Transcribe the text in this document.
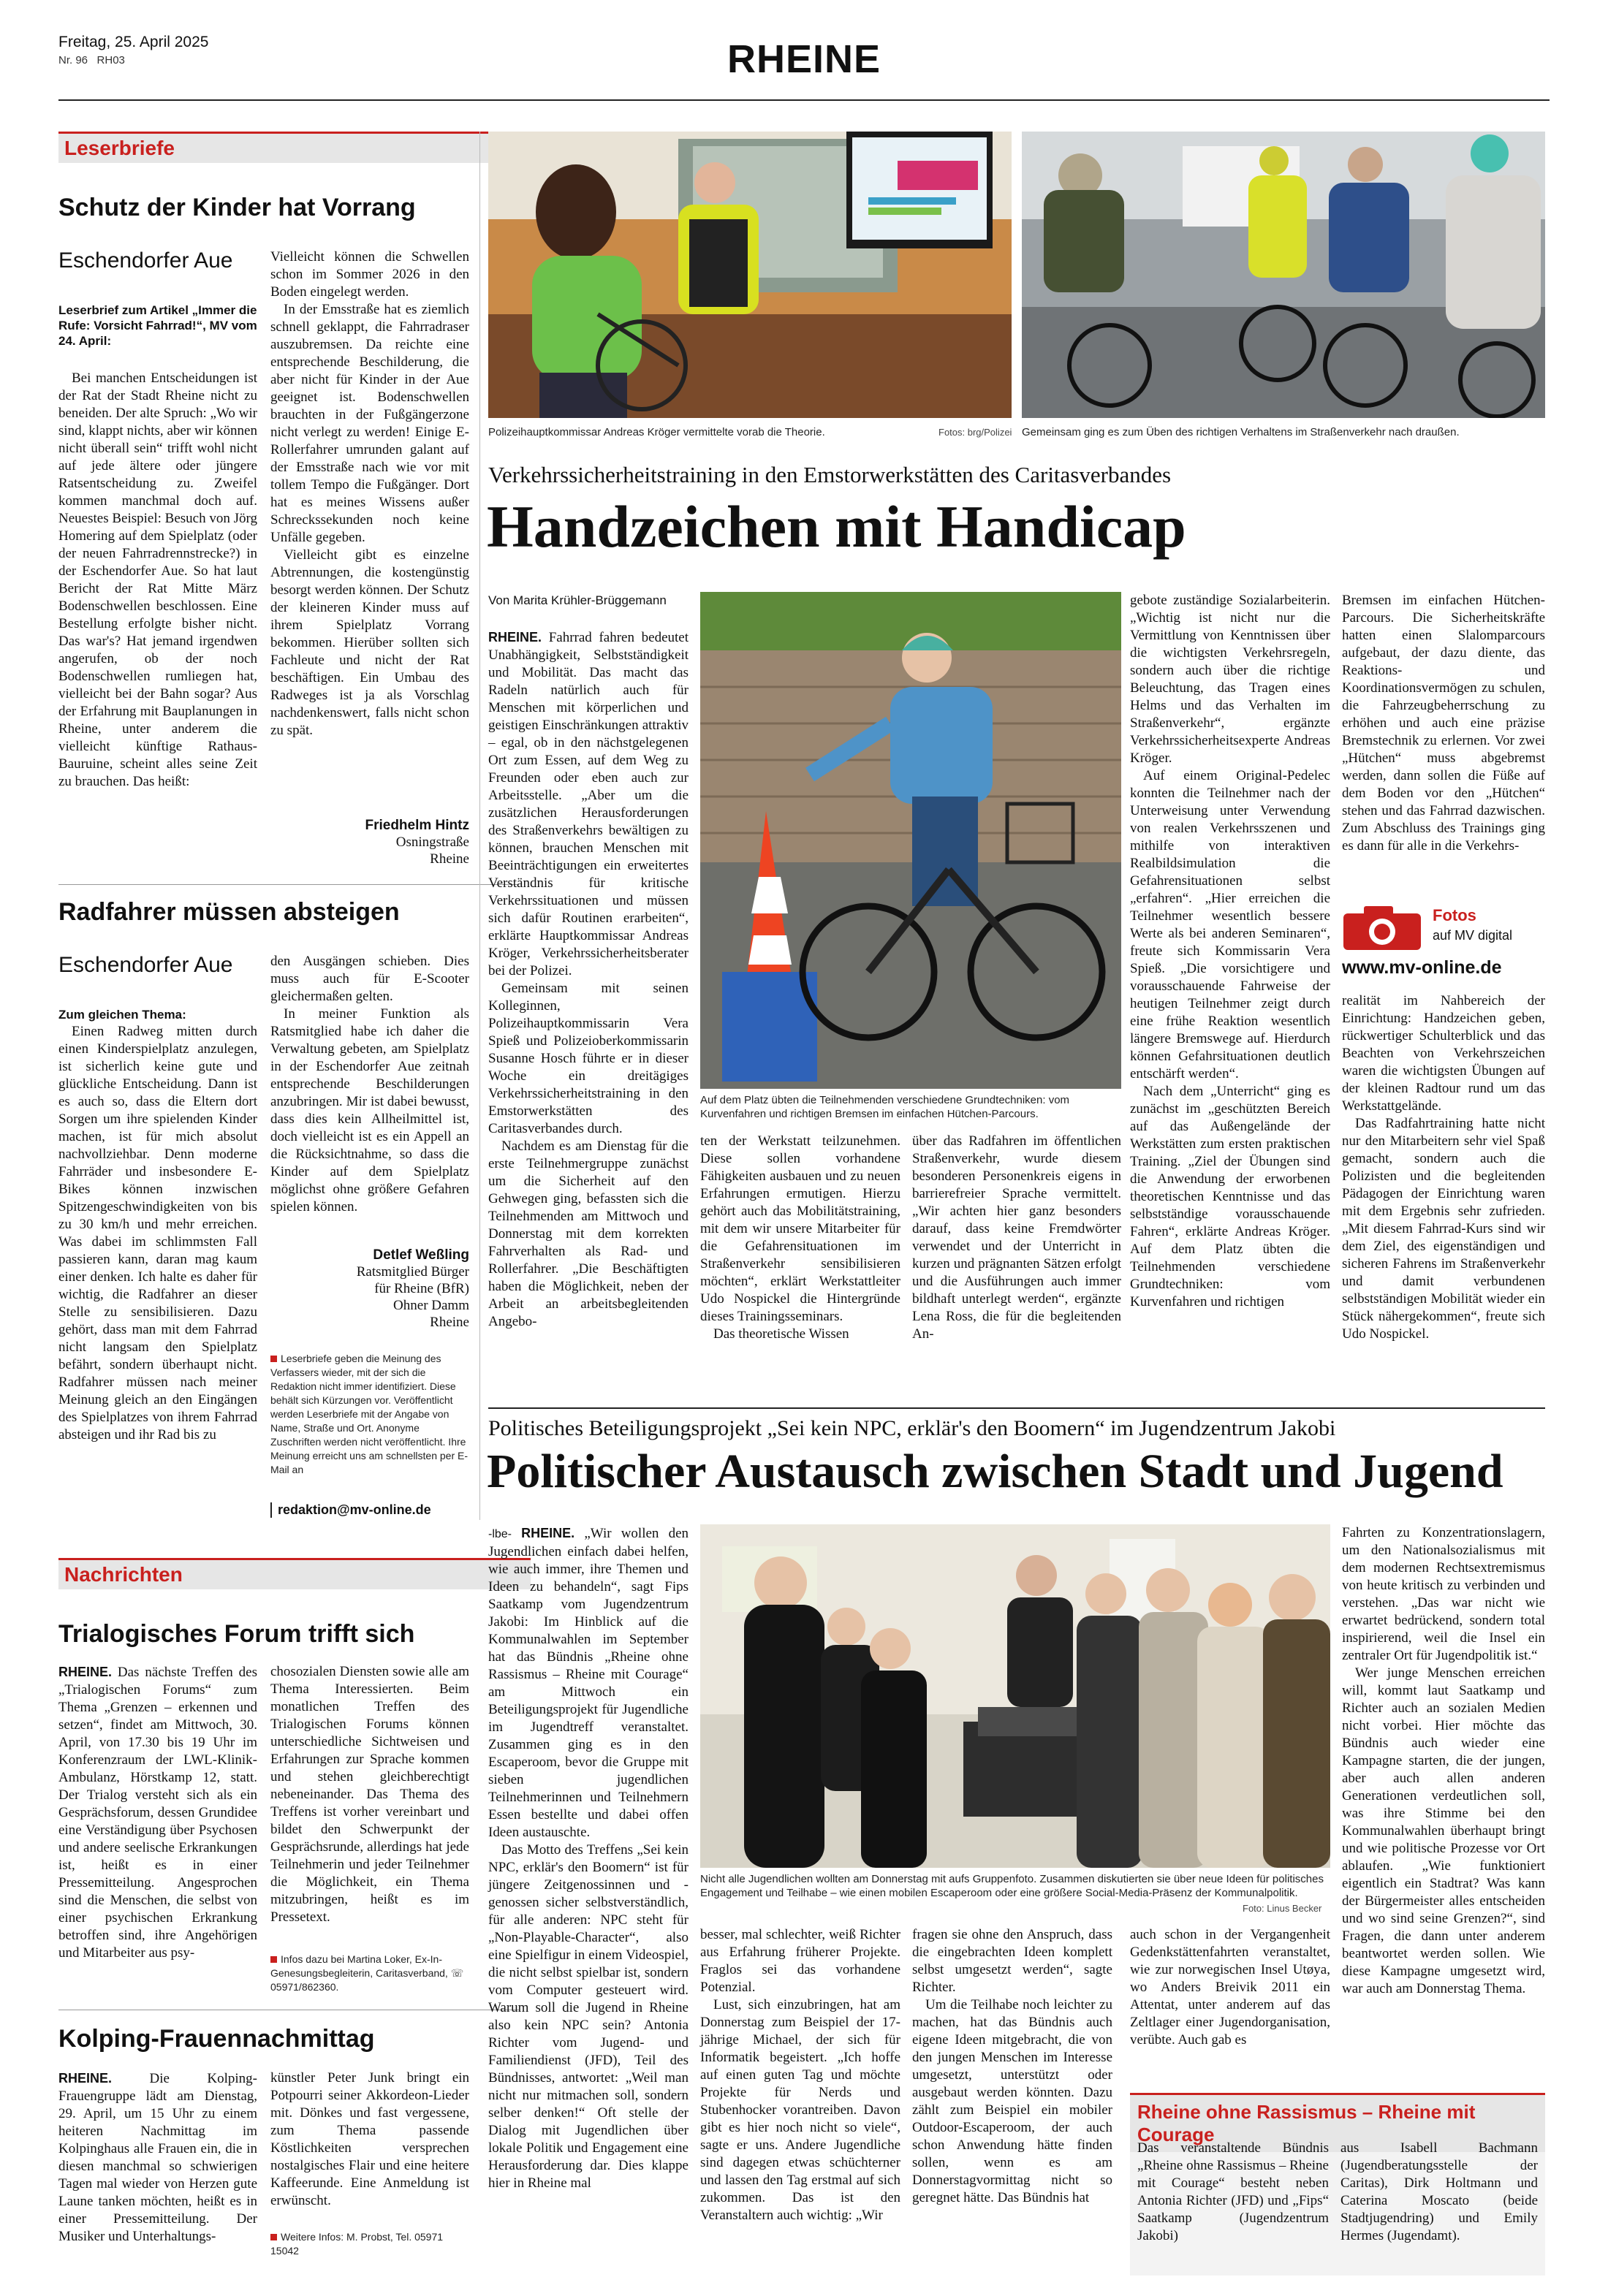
Freitag, 25. April 2025
Nr. 96 RH03	RHEINE
Leserbriefe
Schutz der Kinder hat Vorrang
Eschendorfer Aue
Leserbrief zum Artikel „Immer die Rufe: Vorsicht Fahrrad!“, MV vom 24. April:

Bei manchen Entscheidungen ist der Rat der Stadt Rheine nicht zu beneiden. Der alte Spruch: „Wo wir sind, klappt nichts, aber wir können nicht überall sein“ trifft wohl nicht auf jede ältere oder jüngere Ratsentscheidung zu. Zweifel kommen manchmal doch auf. Neuestes Beispiel: Besuch von Jörg Homering auf dem Spielplatz (oder der neuen Fahrradrennstrecke?) in der Eschendorfer Aue. So hat laut Bericht der Rat Mitte März Bodenschwellen beschlossen. Eine Bestellung erfolgte bisher nicht. Das war's? Hat jemand irgendwen angerufen, ob der noch Bodenschwellen rumliegen hat, vielleicht bei der Bahn sogar? Aus der Erfahrung mit Bauplanungen in Rheine, unter anderem die vielleicht künftige Rathaus-Bauruine, scheint alles seine Zeit zu brauchen. Das heißt:

Vielleicht können die Schwellen schon im Sommer 2026 in den Boden eingelegt werden.

In der Emsstraße hat es ziemlich schnell geklappt, die Fahrradraser auszubremsen. Da reichte eine entsprechende Beschilderung, die aber nicht für Kinder in der Aue geeignet ist. Bodenschwellen brauchten in der Fußgängerzone nicht verlegt zu werden! Einige E-Rollerfahrer umrunden galant auf der Emsstraße nach wie vor mit tollem Tempo die Fußgänger. Dort hat es meines Wissens außer Schreckssekunden noch keine Unfälle gegeben.

Vielleicht gibt es einzelne Abtrennungen, die kostengünstig besorgt werden können. Der Schutz der kleineren Kinder muss auf ihrem Spielplatz Vorrang bekommen. Hierüber sollten sich Fachleute und nicht der Rat beschäftigen. Ein Umbau des Radweges ist ja als Vorschlag nachdenkenswert, falls nicht schon zu spät.

Friedhelm Hintz
Osningstraße
Rheine
Radfahrer müssen absteigen
Eschendorfer Aue
Zum gleichen Thema:

Einen Radweg mitten durch einen Kinderspielplatz anzulegen, ist sicherlich keine gute und glückliche Entscheidung. Dann ist es auch so, dass die Eltern dort Sorgen um ihre spielenden Kinder machen, ist für mich absolut nachvollziehbar. Denn moderne Fahrräder und insbesondere E-Bikes können inzwischen Spitzengeschwindigkeiten von bis zu 30 km/h und mehr erreichen. Was dabei im schlimmsten Fall passieren kann, daran mag kaum einer denken. Ich halte es daher für wichtig, die Radfahrer an dieser Stelle zu sensibilisieren. Dazu gehört, dass man mit dem Fahrrad nicht langsam den Spielplatz befährt, sondern überhaupt nicht. Radfahrer müssen nach meiner Meinung gleich an den Eingängen des Spielplatzes von ihrem Fahrrad absteigen und ihr Rad bis zu

den Ausgängen schieben. Dies muss auch für E-Scooter gleichermaßen gelten.

In meiner Funktion als Ratsmitglied habe ich daher die Verwaltung gebeten, am Spielplatz in der Eschendorfer Aue zeitnah entsprechende Beschilderungen anzubringen. Mir ist dabei bewusst, dass dies kein Allheilmittel ist, doch vielleicht ist es ein Appell an die Rücksichtnahme, so dass die Kinder auf dem Spielplatz möglichst ohne größere Gefahren spielen können.

Detlef Weßling
Ratsmitglied Bürger
für Rheine (BfR)
Ohner Damm
Rheine
Leserbriefe geben die Meinung des Verfassers wieder, mit der sich die Redaktion nicht immer identifiziert. Diese behält sich Kürzungen vor. Veröffentlicht werden Leserbriefe mit der Angabe von Name, Straße und Ort. Anonyme Zuschriften werden nicht veröffentlicht. Ihre Meinung erreicht uns am schnellsten per E-Mail an
redaktion@mv-online.de
Nachrichten
Trialogisches Forum trifft sich

RHEINE. Das nächste Treffen des „Trialogischen Forums“ zum Thema „Grenzen – erkennen und setzen“, findet am Mittwoch, 30. April, von 17.30 bis 19 Uhr im Konferenzraum der LWL-Klinik-Ambulanz, Hörstkamp 12, statt. Der Trialog versteht sich als ein Gesprächsforum, dessen Grundidee eine Verständigung über Psychosen und andere seelische Erkrankungen ist, heißt es in einer Pressemitteilung. Angesprochen sind die Menschen, die selbst von einer psychischen Erkrankung betroffen sind, ihre Angehörigen und Mitarbeiter aus psy-

chosozialen Diensten sowie alle am Thema Interessierten. Beim monatlichen Treffen des Trialogischen Forums können unterschiedliche Sichtweisen und Erfahrungen zur Sprache kommen und stehen gleichberechtigt nebeneinander. Das Thema des Treffens ist vorher vereinbart und bildet den Schwerpunkt der Gesprächsrunde, allerdings hat jede Teilnehmerin und jeder Teilnehmer die Möglichkeit, ein Thema mitzubringen, heißt es im Pressetext.

Infos dazu bei Martina Loker, Ex-In-Genesungsbegleiterin, Caritasverband, ☏ 05971/862360.
Kolping-Frauennachmittag

RHEINE.	Die Kolping-Frauengruppe lädt am Dienstag, 29. April, um 15 Uhr zu einem heiteren Nachmittag im Kolpinghaus alle Frauen ein, die in diesen manchmal so schwierigen Tagen mal wieder von Herzen gute Laune tanken möchten, heißt es in einer Pressemitteilung. Der Musiker und Unterhaltungs-

künstler Peter Junk bringt ein Potpourri seiner Akkordeon-Lieder mit. Dönkes und fast vergessene, zum Thema passende Köstlichkeiten versprechen nostalgisches Flair und eine heitere Kaffeerunde. Eine Anmeldung ist erwünscht.

Weitere Infos: M. Probst, Tel. 05971 15042
Polizeihauptkommissar Andreas Kröger vermittelte vorab die Theorie.	Fotos: brg/Polizei Gemeinsam ging es zum Üben des richtigen Verhaltens im Straßenverkehr nach draußen.
Verkehrssicherheitstraining in den Emstorwerkstätten des Caritasverbandes
Handzeichen mit Handicap
Von Marita Krühler-Brüggemann

RHEINE. Fahrrad fahren bedeutet Unabhängigkeit, Selbstständigkeit und Mobilität. Das macht das Radeln natürlich auch für Menschen mit körperlichen und geistigen Einschränkungen attraktiv – egal, ob in den nächstgelegenen Ort zum Essen, auf dem Weg zu Freunden oder eben auch zur Arbeitsstelle. „Aber um die zusätzlichen Herausforderungen des Straßenverkehrs bewältigen zu können, brauchen Menschen mit Beeinträchtigungen ein erweitertes Verständnis für kritische Verkehrssituationen und müssen sich dafür Routinen erarbeiten“, erklärte Hauptkommissar Andreas Kröger, Verkehrssicherheitsberater bei der Polizei.

Gemeinsam mit seinen Kolleginnen, Polizeihauptkommissarin Vera Spieß und Polizeioberkommissarin Susanne Hosch führte er in dieser Woche ein dreitägiges Verkehrssicherheitstraining in den Emstorwerkstätten des Caritasverbandes durch.

Nachdem es am Dienstag für die erste Teilnehmergruppe zunächst um die Sicherheit auf den Gehwegen ging, befassten sich die Teilnehmenden am Mittwoch und Donnerstag mit dem korrekten Fahrverhalten als Rad- und Rollerfahrer. „Die Beschäftigten haben die Möglichkeit, neben der Arbeit an arbeitsbegleitenden Angebo-

Auf dem Platz übten die Teilnehmenden verschiedene Grundtechniken: vom Kurvenfahren und richtigen Bremsen im einfachen Hütchen-Parcours.

ten der Werkstatt teilzunehmen. Diese sollen vorhandene Fähigkeiten ausbauen und zu neuen Erfahrungen ermutigen. Hierzu gehört auch das Mobilitätstraining, mit dem wir unsere Mitarbeiter für die Gefahrensituationen im Straßenverkehr sensibilisieren möchten“, erklärt Werkstattleiter Udo Nospickel die Hintergründe dieses Trainingsseminars.

Das theoretische Wissen

über das Radfahren im öffentlichen Straßenverkehr, wurde diesem besonderen Personenkreis eigens in barrierefreier Sprache vermittelt. „Wir achten hier ganz besonders darauf, dass keine Fremdwörter verwendet und der Unterricht in kurzen und prägnanten Sätzen erfolgt und die Ausführungen auch immer bildhaft unterlegt werden“, ergänzte Lena Ross, die für die begleitenden An-

gebote zuständige Sozialarbeiterin. „Wichtig ist nicht nur die Vermittlung von Kenntnissen über die wichtigsten Verkehrsregeln, sondern auch über die richtige Beleuchtung, das Tragen eines Helms und das Verhalten im Straßenverkehr“, ergänzte Verkehrssicherheitsexperte Andreas Kröger.

Auf einem Original-Pedelec konnten die Teilnehmer nach der Unterweisung unter Verwendung von realen Verkehrsszenen und mithilfe von interaktiven Realbildsimulation die Gefahrensituationen selbst „erfahren“. „Hier erreichen die Teilnehmer wesentlich bessere Werte als bei anderen Seminaren“, freute sich Kommissarin Vera Spieß. „Die vorsichtigere und vorausschauende Fahrweise der heutigen Teilnehmer zeigt durch eine frühe Reaktion wesentlich längere Bremswege auf. Hierdurch können Gefahrsituationen deutlich entschärft werden“.

Nach dem „Unterricht“ ging es zunächst im „geschützten Bereich auf das Außengelände der Werkstätten zum ersten praktischen Training. „Ziel der Übungen sind die Anwendung der erworbenen theoretischen Kenntnisse und das selbstständige vorausschauende Fahren“, erklärte Andreas Kröger. Auf dem Platz übten die Teilnehmenden verschiedene Grundtechniken: vom Kurvenfahren und richtigen

Bremsen im einfachen Hütchen-Parcours. Die Sicherheitskräfte hatten einen Slalomparcours aufgebaut, der dazu diente, das Reaktions- und Koordinationsvermögen zu schulen, die Fahrzeugbeherrschung zu erhöhen und auch eine präzise Bremstechnik zu erlernen. Vor zwei „Hütchen“ muss abgebremst werden, dann sollen die Füße auf dem Boden vor den „Hütchen“ stehen und das Fahrrad dazwischen. Zum Abschluss des Trainings ging es dann für alle in die Verkehrs-

Fotos
auf MV digital
www.mv-online.de

realität im Nahbereich der Einrichtung: Handzeichen geben, rückwertiger Schulterblick und das Beachten von Verkehrszeichen waren die wichtigsten Übungen auf der kleinen Radtour rund um das Werkstattgelände.

Das Radfahrtraining hatte nicht nur den Mitarbeitern sehr viel Spaß gemacht, sondern auch die Polizisten und die begleitenden Pädagogen der Einrichtung waren mit dem Ergebnis sehr zufrieden. „Mit diesem Fahrrad-Kurs sind wir dem Ziel, des eigenständigen und sicheren Fahrens im Straßenverkehr und damit verbundenen selbstständigen Mobilität wieder ein Stück nähergekommen“, freute sich Udo Nospickel.

Politisches Beteiligungsprojekt „Sei kein NPC, erklär's den Boomern“ im Jugendzentrum Jakobi
Politischer Austausch zwischen Stadt und Jugend

-lbe- RHEINE. „Wir wollen den Jugendlichen einfach dabei helfen, wie auch immer, ihre Themen und Ideen zu behandeln“, sagt Fips Saatkamp vom Jugendzentrum Jakobi: Im Hinblick auf die Kommunalwahlen im September hat das Bündnis „Rheine ohne Rassismus – Rheine mit Courage“ am Mittwoch ein Beteiligungsprojekt für Jugendliche im Jugendtreff veranstaltet. Zusammen ging es in den Escaperoom, bevor die Gruppe mit sieben jugendlichen Teilnehmerinnen und Teilnehmern Essen bestellte und dabei offen Ideen austauschte.

Das Motto des Treffens „Sei kein NPC, erklär's den Boomern“ ist für jüngere Zeitgenossinnen und -genossen sicher selbstverständlich, für alle anderen: NPC steht für „Non-Playable-Character“, also eine Spielfigur in einem Videospiel, die nicht selbst spielbar ist, sondern vom Computer gesteuert wird. Warum soll die Jugend in Rheine also kein NPC sein? Antonia Richter vom Jugend- und Familiendienst (JFD), Teil des Bündnisses, antwortet: „Weil man nicht nur mitmachen soll, sondern selber denken!“ Oft stelle der Dialog mit Jugendlichen über lokale Politik und Engagement eine Herausforderung dar. Dies klappe hier in Rheine mal

Nicht alle Jugendlichen wollten am Donnerstag mit aufs Gruppenfoto. Zusammen diskutierten sie über neue Ideen für politisches Engagement und Teilhabe – wie einen mobilen Escaperoom oder eine größere Social-Media-Präsenz der Kommunalpolitik.
Foto: Linus Becker

besser, mal schlechter, weiß Richter aus Erfahrung früherer Projekte. Fraglos sei das vorhandene Potenzial.

Lust, sich einzubringen, hat am Donnerstag zum Beispiel der 17-jährige Michael, der sich für Informatik begeistert. „Ich hoffe auf einen guten Tag und möchte Projekte für Nerds und Stubenhocker vorantreiben. Davon gibt es hier noch nicht so viele“, sagte er uns. Andere Jugendliche sind dagegen etwas schüchterner und lassen den Tag erstmal auf sich zukommen. Das ist den Veranstaltern auch wichtig: „Wir

fragen sie ohne den Anspruch, dass die eingebrachten Ideen komplett selbst umgesetzt werden“, sagte Richter.

Um die Teilhabe noch leichter zu machen, hat das Bündnis auch eigene Ideen mitgebracht, die von den jungen Menschen im Interesse umgesetzt, unterstützt oder ausgebaut werden könnten. Dazu zählt zum Beispiel ein mobiler Outdoor-Escaperoom, der auch schon Anwendung hätte finden sollen, wenn es am Donnerstagvormittag nicht so geregnet hätte. Das Bündnis hat

auch schon in der Vergangenheit Gedenkstättenfahrten veranstaltet, wie zur norwegischen Insel Utøya, wo Anders Breivik 2011 ein Attentat, unter anderem auf das Zeltlager einer Jugendorganisation, verübte. Auch gab es

Fahrten zu Konzentrationslagern, um den Nationalsozialismus mit dem modernen Rechtsextremismus von heute kritisch zu verbinden und verstehen. „Das war nicht wie erwartet bedrückend, sondern total inspirierend, weil die Insel ein zentraler Ort für Jugendpolitik ist.“

Wer junge Menschen erreichen will, kommt laut Saatkamp und Richter auch an sozialen Medien nicht vorbei. Hier möchte das Bündnis auch wieder eine Kampagne starten, die der jungen, aber auch allen anderen Generationen verdeutlichen soll, was ihre Stimme bei den Kommunalwahlen überhaupt bringt und wie politische Prozesse vor Ort ablaufen. „Wie funktioniert eigentlich ein Stadtrat? Was kann der Bürgermeister alles entscheiden und wo sind seine Grenzen?“, sind Fragen, die dann unter anderem beantwortet werden sollen. Wie diese Kampagne umgesetzt wird, war auch am Donnerstag Thema.

Rheine ohne Rassismus – Rheine mit Courage

Das veranstaltende Bündnis „Rheine ohne Rassismus – Rheine mit Courage“ besteht neben Antonia Richter (JFD) und „Fips“ Saatkamp (Jugendzentrum Jakobi)

aus Isabell Bachmann (Jugendberatungsstelle der Caritas), Dirk Holtmann und Caterina Moscato (beide Stadtjugendring) und Emily Hermes (Jugendamt).
